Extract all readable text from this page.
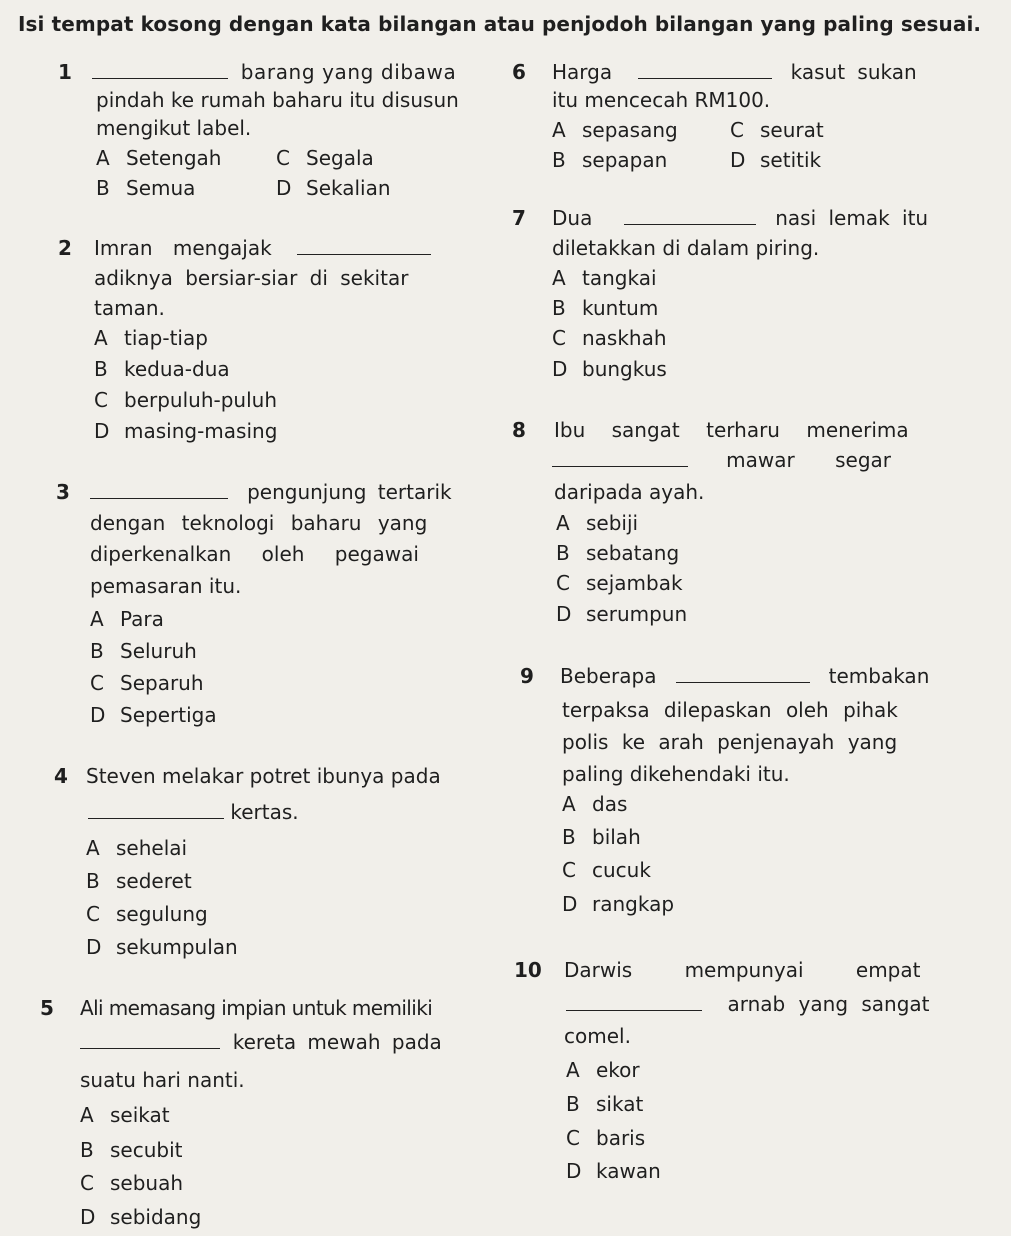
Isi tempat kosong dengan kata bilangan atau penjodoh bilangan yang paling sesuai.
1	barang yang dibawa
pindah ke rumah baharu itu disusun
mengikut label.
A Setengah
B Semua
C Segala
D Sekalian
2 Imran mengajak
adiknya bersiar-siar di sekitar
taman.
A tiap-tiap
B kedua-dua
C berpuluh-puluh
D masing-masing
3	pengunjung tertarik
dengan teknologi baharu yang
diperkenalkan oleh pegawai
pemasaran itu.
A Para
B Seluruh
C Separuh
D Sepertiga
4 Steven melakar potret ibunya pada
kertas.
A sehelai
B sederet
C segulung
D sekumpulan
5 Ali memasang impian untuk memiliki
kereta mewah pada
suatu hari nanti.
A seikat
B secubit
C sebuah
D sebidang
6 Harga	kasut sukan
itu mencecah RM100.
A sepasang
B sepapan
C seurat
D setitik
7 Dua	nasi lemak itu
diletakkan di dalam piring.
A tangkai
B kuntum
C naskhah
D bungkus
8 Ibu sangat terharu menerima
mawar segar
daripada ayah.
A sebiji
B sebatang
C sejambak
D serumpun
9 Beberapa	tembakan
terpaksa dilepaskan oleh pihak
polis ke arah penjenayah yang
paling dikehendaki itu.
A das
B bilah
C cucuk
D rangkap
10 Darwis mempunyai empat
arnab yang sangat
comel.
A ekor
B sikat
C baris
D kawan
